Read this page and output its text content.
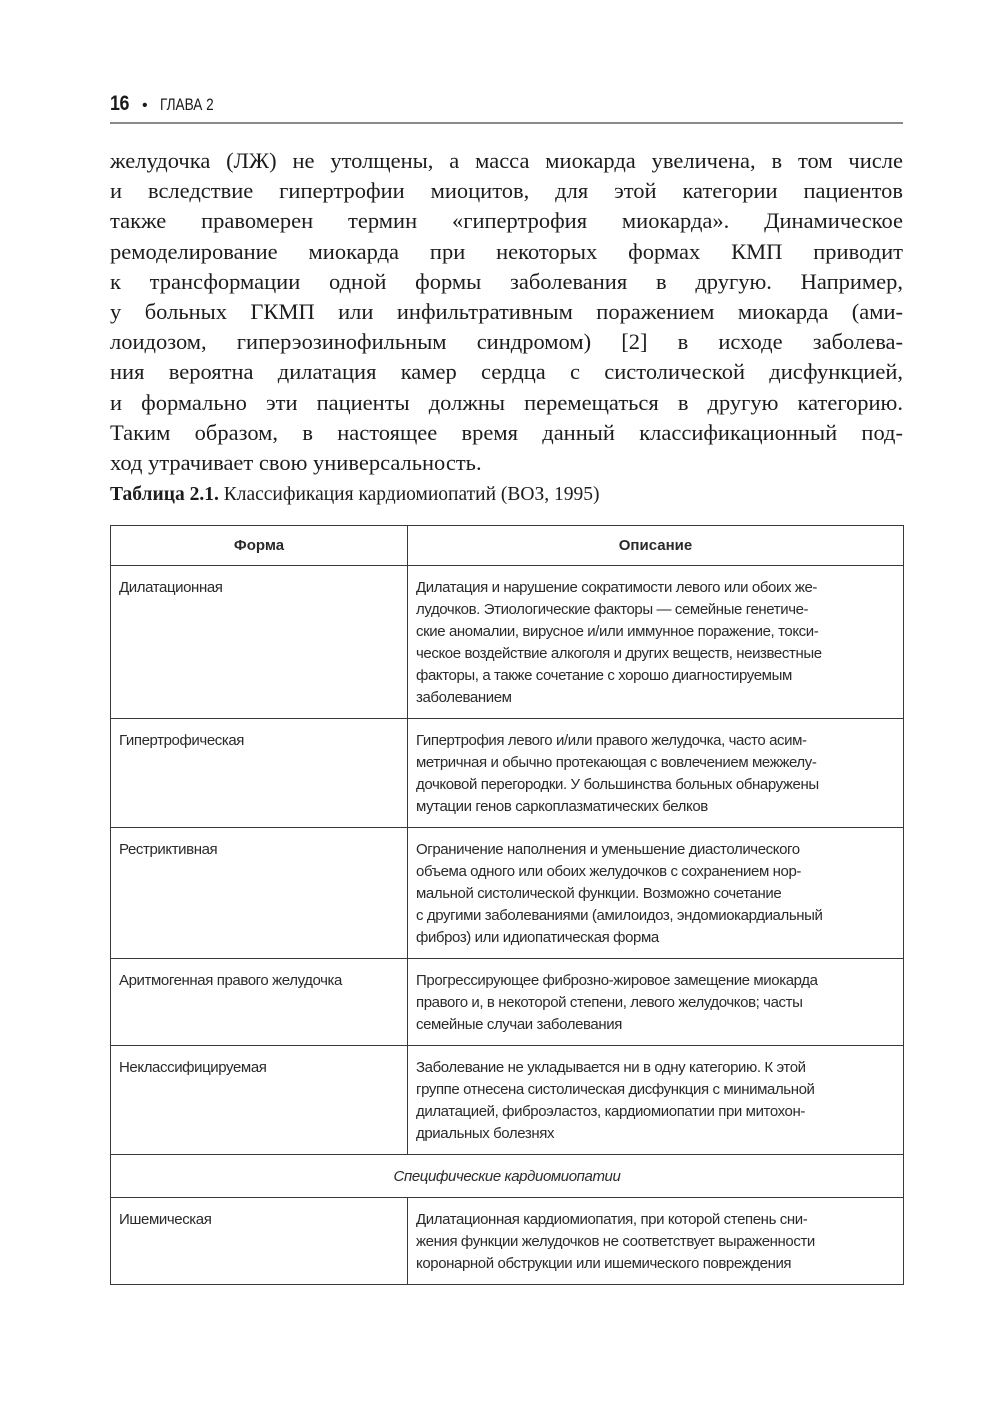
16 • ГЛАВА 2
желудочка (ЛЖ) не утолщены, а масса миокарда увеличена, в том числе
и вследствие гипертрофии миоцитов, для этой категории пациентов
также правомерен термин «гипертрофия миокарда». Динамическое
ремоделирование миокарда при некоторых формах КМП приводит
к трансформации одной формы заболевания в другую. Например,
у больных ГКМП или инфильтративным поражением миокарда (ами-
лоидозом, гиперэозинофильным синдромом) [2] в исходе заболева-
ния вероятна дилатация камер сердца с систолической дисфункцией,
и формально эти пациенты должны перемещаться в другую категорию.
Таким образом, в настоящее время данный классификационный под-
ход утрачивает свою универсальность.
Таблица 2.1. Классификация кардиомиопатий (ВОЗ, 1995)
Форма	Описание
Дилатационная	Дилатация и нарушение сократимости левого или обоих же-
лудочков. Этиологические факторы — семейные генетиче-
ские аномалии, вирусное и/или иммунное поражение, токси-
ческое воздействие алкоголя и других веществ, неизвестные
факторы, а также сочетание с хорошо диагностируемым
заболеванием

Гипертрофическая	Гипертрофия левого и/или правого желудочка, часто асим-
метричная и обычно протекающая с вовлечением межжелу-
дочковой перегородки. У большинства больных обнаружены
мутации генов саркоплазматических белков

Рестриктивная	Ограничение наполнения и уменьшение диастолического
объема одного или обоих желудочков с сохранением нор-
мальной систолической функции. Возможно сочетание
с другими заболеваниями (амилоидоз, эндомиокардиальный
фиброз) или идиопатическая форма

Аритмогенная правого желудочка	Прогрессирующее фиброзно-жировое замещение миокарда
правого и, в некоторой степени, левого желудочков; часты
семейные случаи заболевания

Неклассифицируемая	Заболевание не укладывается ни в одну категорию. К этой
группе отнесена систолическая дисфункция с минимальной
дилатацией, фиброэластоз, кардиомиопатии при митохон-
дриальных болезнях

Специфические кардиомиопатии	
Ишемическая	Дилатационная кардиомиопатия, при которой степень сни-
жения функции желудочков не соответствует выраженности
коронарной обструкции или ишемического повреждения
